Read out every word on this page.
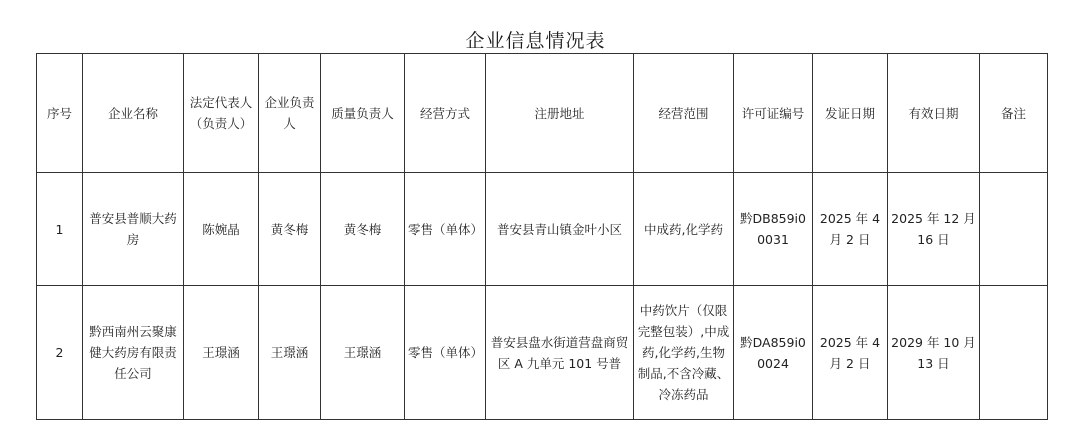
企业信息情况表
序号	企业名称	法定代表人（负责人）	企业负责人	质量负责人	经营方式	注册地址	经营范围	许可证编号	发证日期	有效日期	备注
1	普安县普顺大药房	陈婉晶	黄冬梅	黄冬梅	零售（单体）	普安县青山镇金叶小区	中成药,化学药	黔DB859i00031	2025 年 4 月 2 日	2025 年 12 月 16 日	
2	黔西南州云聚康健大药房有限责任公司	王璟涵	王璟涵	王璟涵	零售（单体）	普安县盘水街道营盘商贸区 A 九单元 101 号普	中药饮片（仅限完整包装）,中成药,化学药,生物制品,不含冷藏、冷冻药品	黔DA859i00024	2025 年 4 月 2 日	2029 年 10 月 13 日	
